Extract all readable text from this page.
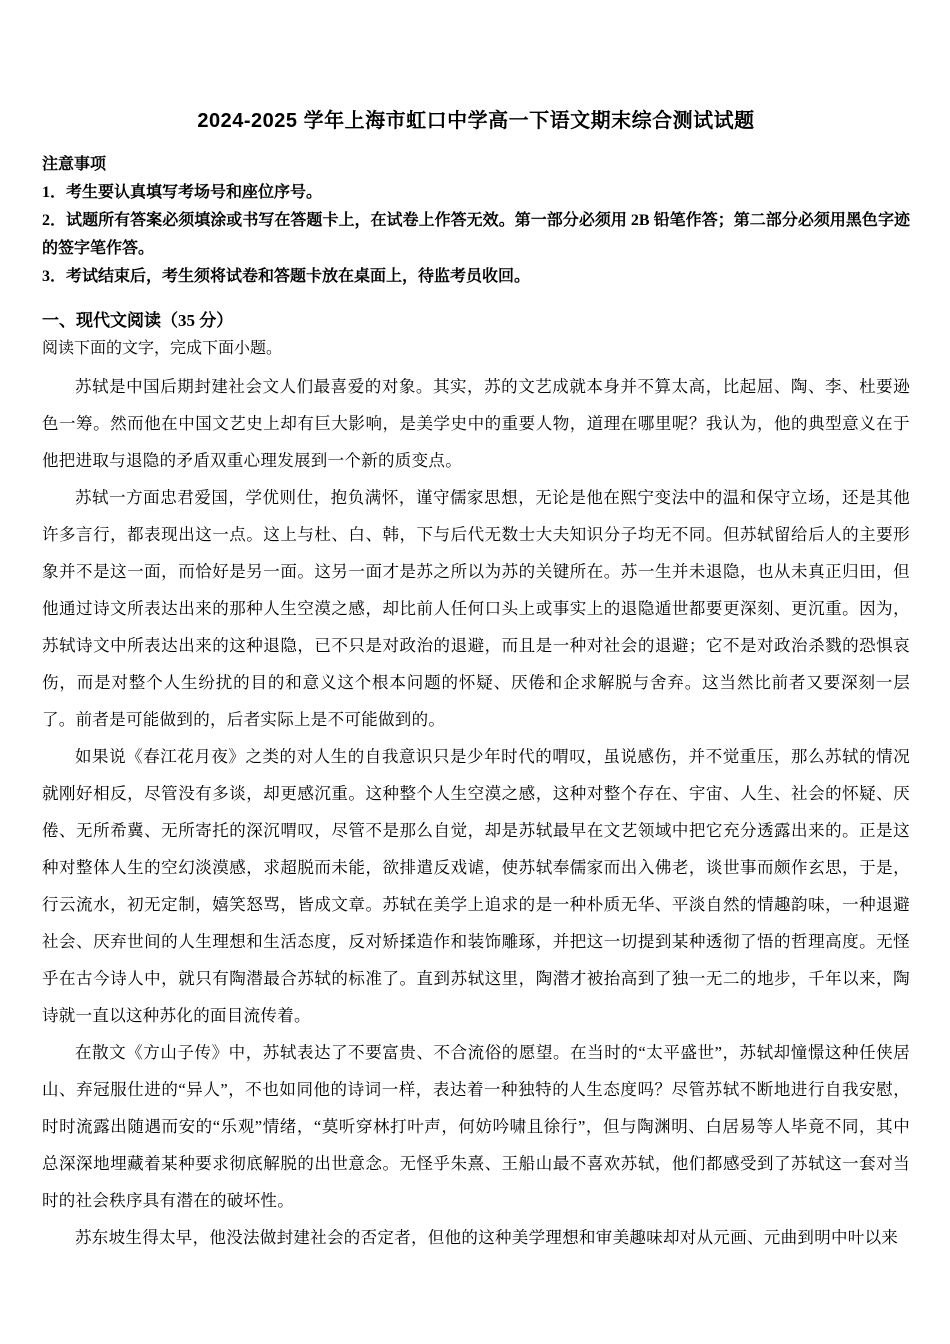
2024-2025 学年上海市虹口中学高一下语文期末综合测试试题
注意事项
1．考生要认真填写考场号和座位序号。
2．试题所有答案必须填涂或书写在答题卡上，在试卷上作答无效。第一部分必须用 2B 铅笔作答；第二部分必须用黑色字迹的签字笔作答。
3．考试结束后，考生须将试卷和答题卡放在桌面上，待监考员收回。
一、现代文阅读（35 分）
阅读下面的文字，完成下面小题。

苏轼是中国后期封建社会文人们最喜爱的对象。其实，苏的文艺成就本身并不算太高，比起屈、陶、李、杜要逊色一筹。然而他在中国文艺史上却有巨大影响，是美学史中的重要人物，道理在哪里呢？我认为，他的典型意义在于他把进取与退隐的矛盾双重心理发展到一个新的质变点。

苏轼一方面忠君爱国，学优则仕，抱负满怀，谨守儒家思想，无论是他在熙宁变法中的温和保守立场，还是其他许多言行，都表现出这一点。这上与杜、白、韩，下与后代无数士大夫知识分子均无不同。但苏轼留给后人的主要形象并不是这一面，而恰好是另一面。这另一面才是苏之所以为苏的关键所在。苏一生并未退隐，也从未真正归田，但他通过诗文所表达出来的那种人生空漠之感，却比前人任何口头上或事实上的退隐遁世都要更深刻、更沉重。因为，苏轼诗文中所表达出来的这种退隐，已不只是对政治的退避，而且是一种对社会的退避；它不是对政治杀戮的恐惧哀伤，而是对整个人生纷扰的目的和意义这个根本问题的怀疑、厌倦和企求解脱与舍弃。这当然比前者又要深刻一层了。前者是可能做到的，后者实际上是不可能做到的。

如果说《春江花月夜》之类的对人生的自我意识只是少年时代的喟叹，虽说感伤，并不觉重压，那么苏轼的情况就刚好相反，尽管没有多谈，却更感沉重。这种整个人生空漠之感，这种对整个存在、宇宙、人生、社会的怀疑、厌倦、无所希冀、无所寄托的深沉喟叹，尽管不是那么自觉，却是苏轼最早在文艺领域中把它充分透露出来的。正是这种对整体人生的空幻淡漠感，求超脱而未能，欲排遣反戏谑，使苏轼奉儒家而出入佛老，谈世事而颇作玄思，于是，行云流水，初无定制，嬉笑怒骂，皆成文章。苏轼在美学上追求的是一种朴质无华、平淡自然的情趣韵味，一种退避社会、厌弃世间的人生理想和生活态度，反对矫揉造作和装饰雕琢，并把这一切提到某种透彻了悟的哲理高度。无怪乎在古今诗人中，就只有陶潜最合苏轼的标准了。直到苏轼这里，陶潜才被抬高到了独一无二的地步，千年以来，陶诗就一直以这种苏化的面目流传着。

在散文《方山子传》中，苏轼表达了不要富贵、不合流俗的愿望。在当时的“太平盛世”，苏轼却憧憬这种任侠居山、弃冠服仕进的“异人”，不也如同他的诗词一样，表达着一种独特的人生态度吗？尽管苏轼不断地进行自我安慰，时时流露出随遇而安的“乐观”情绪，“莫听穿林打叶声，何妨吟啸且徐行”，但与陶渊明、白居易等人毕竟不同，其中总深深地埋藏着某种要求彻底解脱的出世意念。无怪乎朱熹、王船山最不喜欢苏轼，他们都感受到了苏轼这一套对当时的社会秩序具有潜在的破坏性。

苏东坡生得太早，他没法做封建社会的否定者，但他的这种美学理想和审美趣味却对从元画、元曲到明中叶以来
